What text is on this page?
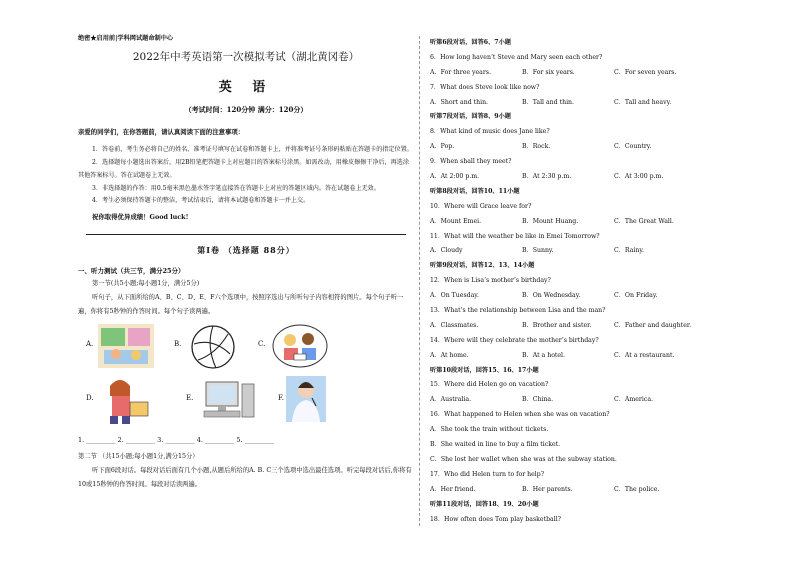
绝密★启用前|学科网试题命制中心
2022年中考英语第一次模拟考试（湖北黄冈卷）
英 语
（考试时间：120分钟 满分：120分）
亲爱的同学们，在你答题前，请认真阅读下面的注意事项：

1．答卷前，考生务必将自己的姓名、准考证号填写在试卷和答题卡上，并将准考证号条形码粘贴在答题卡的指定位置。

2．选择题每小题选出答案后，用2B铅笔把答题卡上对应题目的答案标号涂黑。如需改动，用橡皮擦擦干净后，再选涂其他答案标号。答在试题卷上无效。

3．非选择题的作答：用0.5毫米黑色墨水签字笔直接答在答题卡上对应的答题区域内。答在试题卷上无效。

4．考生必须保持答题卡的整洁，考试结束后，请将本试题卷和答题卡一并上交。

祝你取得优异成绩！Good luck!
第Ⅰ卷 （选择题 88分）
一、听力测试（共三节，满分25分）
第一节(共5小题;每小题1分，满分5分)
听句子，从下面所给的A、B、C、D、E、F六个选项中，按照序选出与所听句子内容相符的图片。每个句子听一遍，你将有5秒钟的作答时间。每个句子读两遍。
A.	B.	C.
D.	E.	F.
1. _________ 2. _________ 3. _________ 4. _________ 5. _________
第二节 （共15小题;每小题1分,满分15分）
听下面6段对话。每段对话后面有几个小题,从题后所给的A. B. C三个选项中选出最佳选项。听完每段对话后,你将有10或15秒钟的作答时间。每段对话读两遍。
听第6段对话，回答6、7小题
6．How long haven’t Steve and Mary seen each other?
A．For three years.	B．For six years.	C．For seven years.
7．What does Steve look like now?
A．Short and thin.	B．Tall and thin.	C．Tall and heavy.
听第7段对话，回答8、9小题
8．What kind of music does Jane like?
A．Pop.	B．Rock.	C．Country.
9．When shall they meet?
A．At 2:00 p.m.	B．At 2:30 p.m.	C．At 3:00 p.m.
听第8段对话，回答10、11小题
10．Where will Grace leave for?
A．Mount Emei.	B．Mount Huang.	C．The Great Wall.
11．What will the weather be like in Emei Tomorrow?
A．Cloudy	B．Sunny.	C．Rainy.
听第9段对话，回答12、13、14小题
12．When is Lisa’s mother’s birthday?
A．On Tuesday.	B．On Wednesday.	C．On Friday.
13．What’s the relationship between Lisa and the man?
A．Classmates.	B．Brother and sister.	C．Father and daughter.
14．Where will they celebrate the mother’s birthday?
A．At home.	B．At a hotel.	C．At a restaurant.
听第10段对话，回答15、16、17小题
15．Where did Helen go on vacation?
A．Australia.	B．China.	C．America.
16．What happened to Helen when she was on vacation?
A．She took the train without tickets.
B．She waited in line to buy a film ticket.
C．She lost her wallet when she was at the subway station.
17．Who did Helen turn to for help?
A．Her friend.	B．Her parents.	C．The police.
听第11段对话，回答18、19、20小题
18．How often does Tom play basketball?
